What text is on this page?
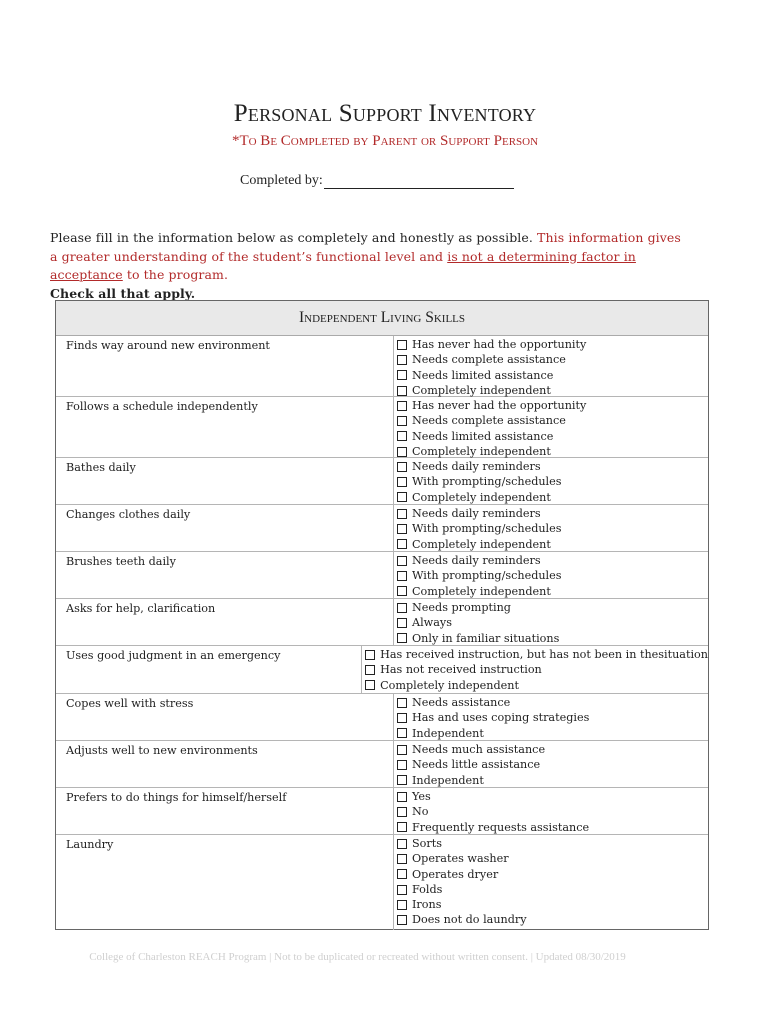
Personal Support Inventory
*To Be Completed by Parent or Support Person
Completed by:
Please fill in the information below as completely and honestly as possible. This information gives a greater understanding of the student’s functional level and is not a determining factor in acceptance to the program.
Check all that apply.
Independent Living Skills
Finds way around new environment	Has never had the opportunity
Needs complete assistance
Needs limited assistance
Completely independent
Follows a schedule independently	Has never had the opportunity
Needs complete assistance
Needs limited assistance
Completely independent
Bathes daily	Needs daily reminders
With prompting/schedules
Completely independent
Changes clothes daily	Needs daily reminders
With prompting/schedules
Completely independent
Brushes teeth daily	Needs daily reminders
With prompting/schedules
Completely independent
Asks for help, clarification	Needs prompting
Always
Only in familiar situations
Uses good judgment in an emergency	Has received instruction, but has not been in thesituation
Has not received instruction
Completely independent
Copes well with stress	Needs assistance
Has and uses coping strategies
Independent
Adjusts well to new environments	Needs much assistance
Needs little assistance
Independent
Prefers to do things for himself/herself	Yes
No
Frequently requests assistance
Laundry	Sorts
Operates washer
Operates dryer
Folds
Irons
Does not do laundry
College of Charleston REACH Program | Not to be duplicated or recreated without written consent. | Updated 08/30/2019
